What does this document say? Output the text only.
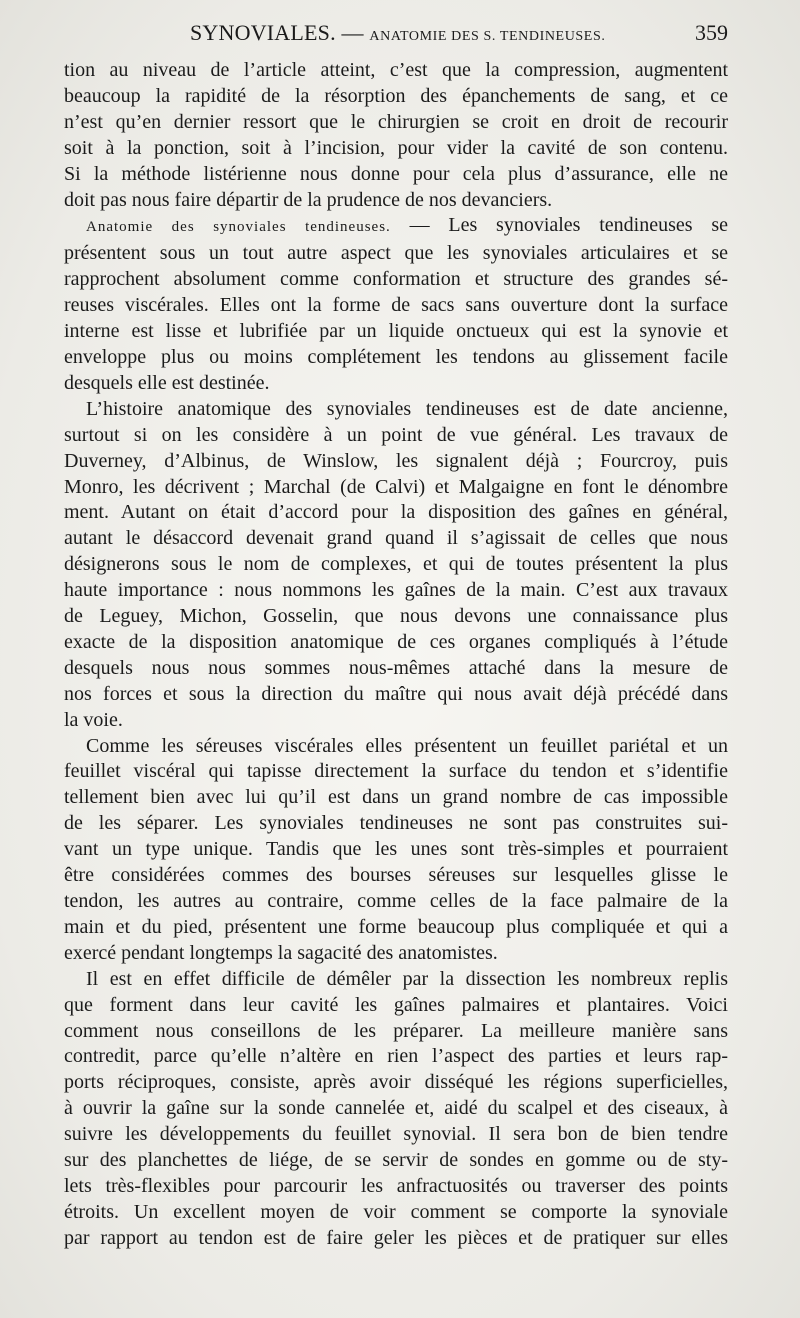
SYNOVIALES. — ANATOMIE DES S. TENDINEUSES.	359

tion au niveau de l’article atteint, c’est que la compression, augmentent
beaucoup la rapidité de la résorption des épanchements de sang, et ce
n’est qu’en dernier ressort que le chirurgien se croit en droit de recourir
soit à la ponction, soit à l’incision, pour vider la cavité de son contenu.
Si la méthode listérienne nous donne pour cela plus d’assurance, elle ne
doit pas nous faire départir de la prudence de nos devanciers.

Anatomie des synoviales tendineuses. — Les synoviales tendineuses se
présentent sous un tout autre aspect que les synoviales articulaires et se
rapprochent absolument comme conformation et structure des grandes sé-
reuses viscérales. Elles ont la forme de sacs sans ouverture dont la surface
interne est lisse et lubrifiée par un liquide onctueux qui est la synovie et
enveloppe plus ou moins complétement les tendons au glissement facile
desquels elle est destinée.

L’histoire anatomique des synoviales tendineuses est de date ancienne,
surtout si on les considère à un point de vue général. Les travaux de
Duverney, d’Albinus, de Winslow, les signalent déjà ; Fourcroy, puis
Monro, les décrivent ; Marchal (de Calvi) et Malgaigne en font le dénombre
ment. Autant on était d’accord pour la disposition des gaînes en général,
autant le désaccord devenait grand quand il s’agissait de celles que nous
désignerons sous le nom de complexes, et qui de toutes présentent la plus
haute importance : nous nommons les gaînes de la main. C’est aux travaux
de Leguey, Michon, Gosselin, que nous devons une connaissance plus
exacte de la disposition anatomique de ces organes compliqués à l’étude
desquels nous nous sommes nous-mêmes attaché dans la mesure de
nos forces et sous la direction du maître qui nous avait déjà précédé dans
la voie.

Comme les séreuses viscérales elles présentent un feuillet pariétal et un
feuillet viscéral qui tapisse directement la surface du tendon et s’identifie
tellement bien avec lui qu’il est dans un grand nombre de cas impossible
de les séparer. Les synoviales tendineuses ne sont pas construites sui-
vant un type unique. Tandis que les unes sont très-simples et pourraient
être considérées commes des bourses séreuses sur lesquelles glisse le
tendon, les autres au contraire, comme celles de la face palmaire de la
main et du pied, présentent une forme beaucoup plus compliquée et qui a
exercé pendant longtemps la sagacité des anatomistes.

Il est en effet difficile de démêler par la dissection les nombreux replis
que forment dans leur cavité les gaînes palmaires et plantaires. Voici
comment nous conseillons de les préparer. La meilleure manière sans
contredit, parce qu’elle n’altère en rien l’aspect des parties et leurs rap-
ports réciproques, consiste, après avoir disséqué les régions superficielles,
à ouvrir la gaîne sur la sonde cannelée et, aidé du scalpel et des ciseaux, à
suivre les développements du feuillet synovial. Il sera bon de bien tendre
sur des planchettes de liége, de se servir de sondes en gomme ou de sty-
lets très-flexibles pour parcourir les anfractuosités ou traverser des points
étroits. Un excellent moyen de voir comment se comporte la synoviale
par rapport au tendon est de faire geler les pièces et de pratiquer sur elles
